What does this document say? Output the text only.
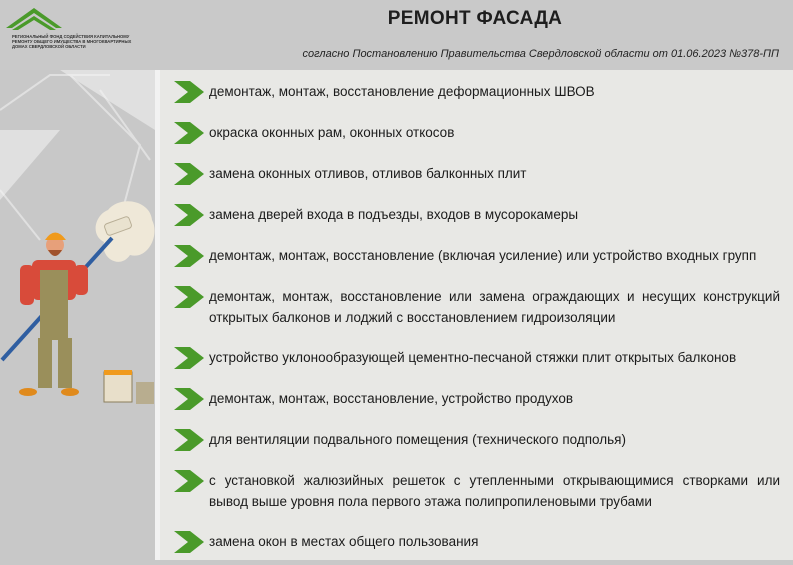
РЕГИОНАЛЬНЫЙ ФОНД СОДЕЙСТВИЯ КАПИТАЛЬНОМУ РЕМОНТУ ОБЩЕГО ИМУЩЕСТВА В МНОГОКВАРТИРНЫХ ДОМАХ СВЕРДЛОВСКОЙ ОБЛАСТИ
РЕМОНТ ФАСАДА
согласно Постановлению Правительства Свердловской области от 01.06.2023 №378-ПП
демонтаж, монтаж, восстановление деформационных ШВОВ
окраска оконных рам, оконных откосов
замена оконных отливов, отливов балконных плит
замена дверей входа в подъезды, входов в мусорокамеры
демонтаж, монтаж, восстановление (включая усиление) или устройство входных групп
демонтаж, монтаж, восстановление или замена ограждающих и несущих конструкций открытых балконов и лоджий с восстановлением гидроизоляции
устройство уклонообразующей цементно-песчаной стяжки плит открытых балконов
демонтаж, монтаж, восстановление, устройство продухов
для вентиляции подвального помещения (технического подполья)
с установкой жалюзийных решеток с утепленными открывающимися створками или вывод выше уровня пола первого этажа полипропиленовыми трубами
замена окон в местах общего пользования
